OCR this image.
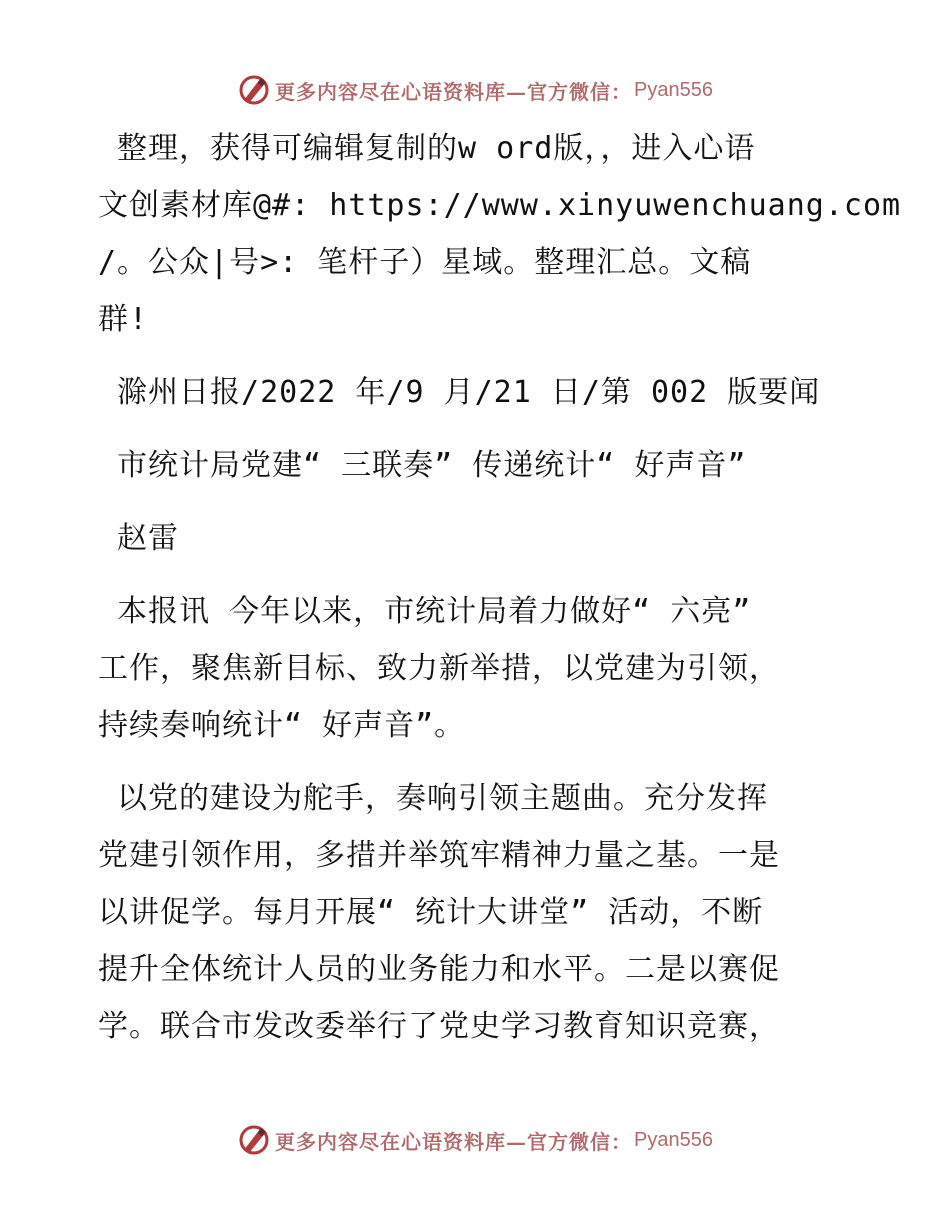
更多内容尽在心语资料库—官方微信： Pyan556

整理，获得可编辑复制的w ord版，，进入心语

文创素材库@#: https://www.xinyuwenchuang.com

/。公众|号>: 笔杆子）星域。整理汇总。文稿

群!

滁州日报/2022 年/9 月/21 日/第 002 版要闻

市统计局党建“ 三联奏” 传递统计“ 好声音”

赵雷

本报讯 今年以来，市统计局着力做好“ 六亮”

工作，聚焦新目标、致力新举措，以党建为引领，

持续奏响统计“ 好声音”。

以党的建设为舵手，奏响引领主题曲。充分发挥

党建引领作用，多措并举筑牢精神力量之基。一是

以讲促学。每月开展“ 统计大讲堂” 活动，不断

提升全体统计人员的业务能力和水平。二是以赛促

学。联合市发改委举行了党史学习教育知识竞赛，

更多内容尽在心语资料库—官方微信： Pyan556
